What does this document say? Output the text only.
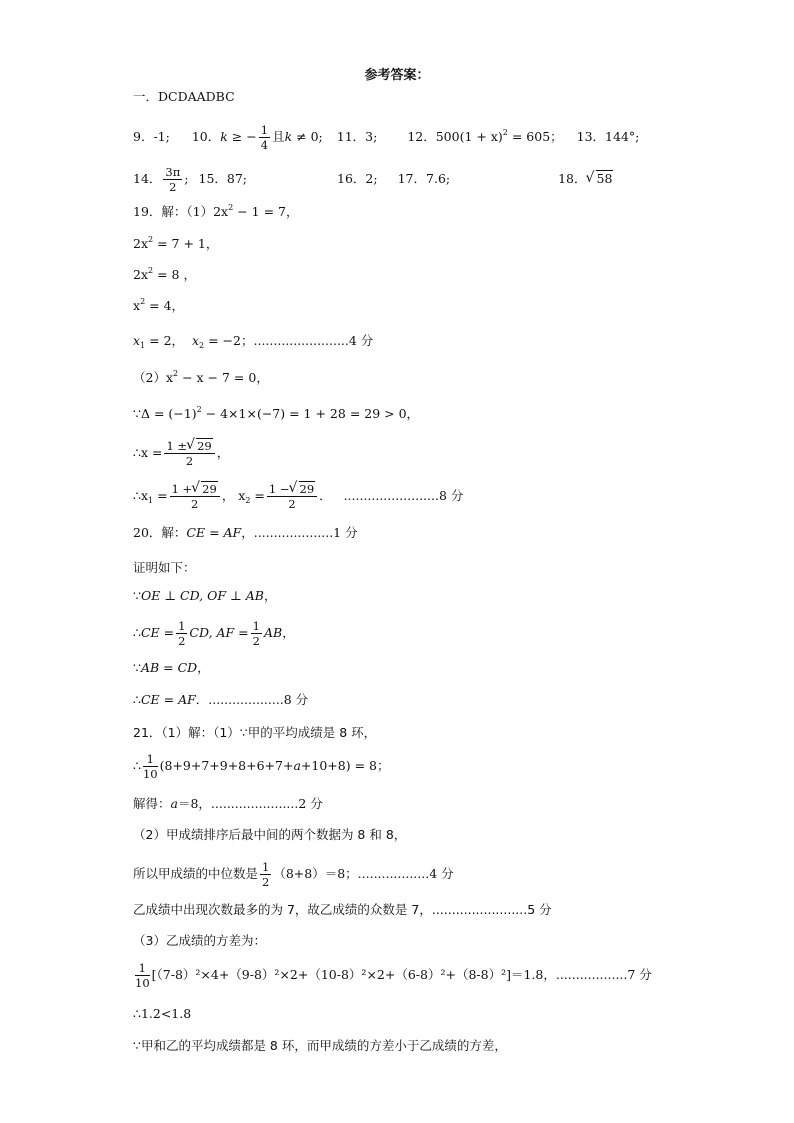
参考答案：
一．DCDAADBC
9．-1; 10．k ≥ − $\frac{1}{4}$ 且k ≠ 0; 11．3; 12．$500(1 + x)^2 = 605$； 13．144°;
14． $\frac{3\pi}{2}$ ; 15．87;	16．2; 17．7.6;	18． √ 58
19．解：$(1)2x^2 - 1 = 7$，
$2x^2 = 7 + 1$，
$2x^2 = 8$ ，
$x^2 = 4$，
$x_1 = 2$， $x_2 = -2$；........................4 分
$(2)x^2 - x - 7 = 0$，
∵Δ = $(-1)^2 - 4\times 1\times(-7) = 1 + 28 = 29 > 0$，
∴x = $\frac{1 \pm √ 29}{2}$ ，
$\therefore x_1 = \frac{1 + √ 29}{2}$ ， $x_2 = \frac{1 - √ 29}{2}$ ． ........................8 分
20．解：CE = AF，....................1 分
证明如下：
∵OE ⊥ CD, OF ⊥ AB，
∴CE = $\frac{1}{2}$ CD, AF = $\frac{1}{2}$ AB，
∵AB = CD，
∴CE = AF．...................8 分
21．（1）解：（1）∵甲的平均成绩是 8 环，
∴ $\frac{1}{10} (8+9+7+9+8+6+7+a+10+8) = 8$；
解得：a＝8，......................2 分
（2）甲成绩排序后最中间的两个数据为 8 和 8，
所以甲成绩的中位数是 $\frac{1}{2} (8+8)=8$；..................4 分
乙成绩中出现次数最多的为 7，故乙成绩的众数是 7，........................5 分
（3）乙成绩的方差为：
$\frac{1}{10} [(7-8)^2\times 4+(9-8)^2\times 2+(10-8)^2\times 2+(6-8)^2+(8-8)^2]=1.8$，..................7 分
∴1.2<1.8
∵甲和乙的平均成绩都是 8 环，而甲成绩的方差小于乙成绩的方差，
